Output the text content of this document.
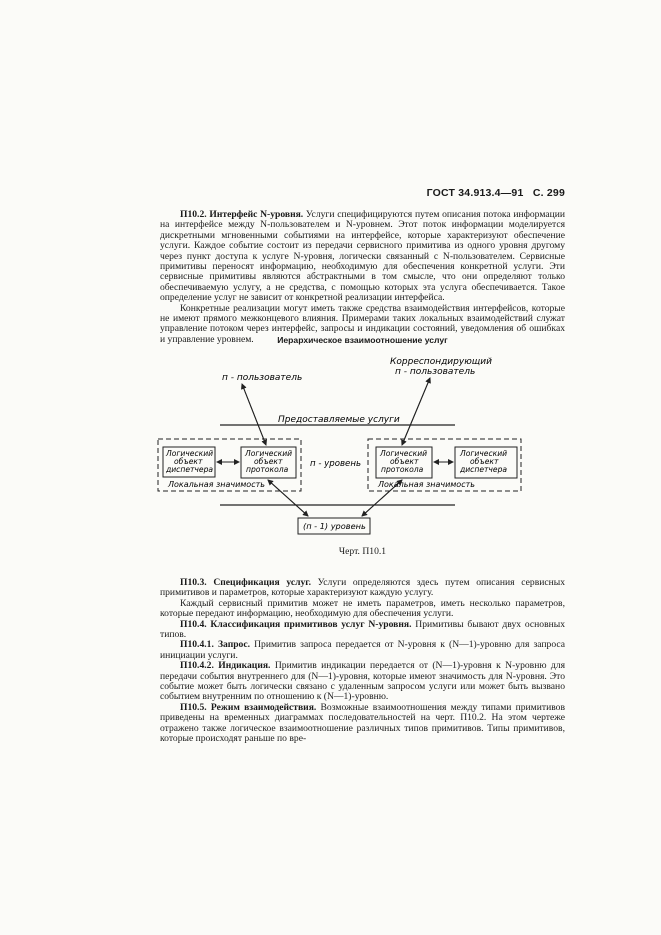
ГОСТ 34.913.4—91 С. 299

П10.2. Интерфейс N-уровня. Услуги специфицируются путем описания потока информации на интерфейсе между N-пользователем и N-уровнем. Этот поток информации моделируется дискретными мгновенными событиями на интерфейсе, которые характеризуют обеспечение услуги. Каждое событие состоит из передачи сервисного примитива из одного уровня другому через пункт доступа к услуге N-уровня, логически связанный с N-пользователем. Сервисные примитивы переносят информацию, необходимую для обеспечения конкретной услуги. Эти сервисные примитивы являются абстрактными в том смысле, что они определяют только обеспечиваемую услугу, а не средства, с помощью которых эта услуга обеспечивается. Такое определение услуг не зависит от конкретной реализации интерфейса.

Конкретные реализации могут иметь также средства взаимодействия интерфейсов, которые не имеют прямого межконцевого влияния. Примерами таких локальных взаимодействий служат управление потоком через интерфейс, запросы и индикации состояний, уведомления об ошибках и управление уровнем.	Иерархическое взаимоотношение услуг
п - пользователь
Корреспондирующий
п - пользователь
Предоставляемые услуги
Логический
объект
диспетчера
Логический
объект
протокола
п - уровень
Логический
объект
протокола
Логический
объект
диспетчера
Локальная значимость	Локальная значимость
(п - 1) уровень
Черт. П10.1

П10.3. Спецификация услуг. Услуги определяются здесь путем описания сервисных примитивов и параметров, которые характеризуют каждую услугу.

Каждый сервисный примитив может не иметь параметров, иметь несколько параметров, которые передают информацию, необходимую для обеспечения услуги.

П10.4. Классификация примитивов услуг N-уровня. Примитивы бывают двух основных типов.

П10.4.1. Запрос. Примитив запроса передается от N-уровня к (N—1)-уровню для запроса инициации услуги.

П10.4.2. Индикация. Примитив индикации передается от (N—1)-уровня к N-уровню для передачи события внутреннего для (N—1)-уровня, которые имеют значимость для N-уровня. Это событие может быть логически связано с удаленным запросом услуги или может быть вызвано событием внутренним по отношению к (N—1)-уровню.

П10.5. Режим взаимодействия. Возможные взаимоотношения между типами примитивов приведены на временных диаграммах последовательностей на черт. П10.2. На этом чертеже отражено также логическое взаимоотношение различных типов примитивов. Типы примитивов, которые происходят раньше по вре-
